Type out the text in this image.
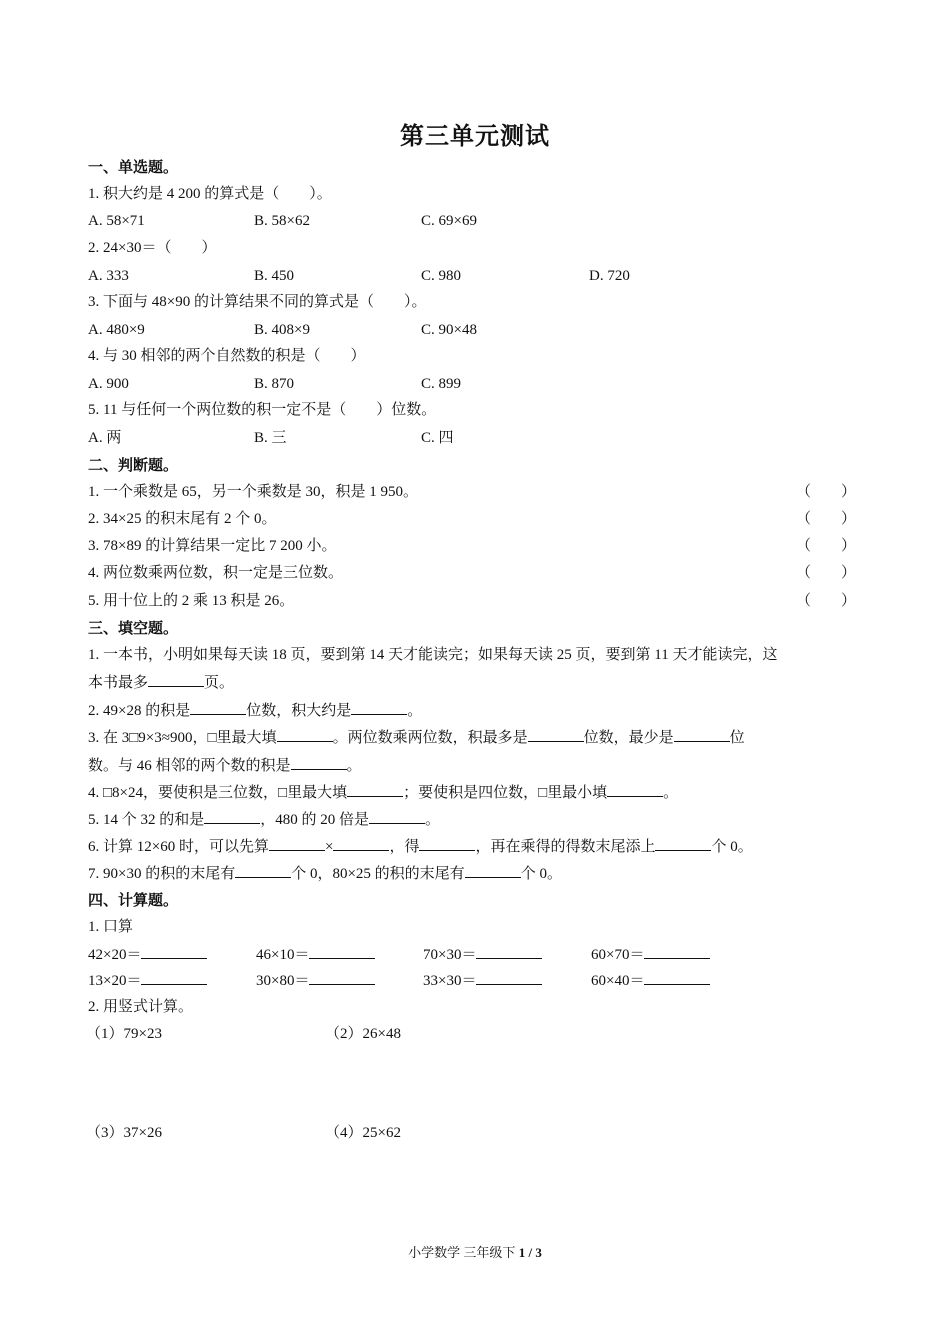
第三单元测试
一、单选题。
1. 积大约是 4 200 的算式是（　　）。
A. 58×71	B. 58×62	C. 69×69
2. 24×30＝（　　）
A. 333	B. 450	C. 980	D. 720
3. 下面与 48×90 的计算结果不同的算式是（　　）。
A. 480×9	B. 408×9	C. 90×48
4. 与 30 相邻的两个自然数的积是（　　）
A. 900	B. 870	C. 899
5. 11 与任何一个两位数的积一定不是（　　）位数。
A. 两	B. 三	C. 四
二、判断题。
1. 一个乘数是 65，另一个乘数是 30，积是 1 950。	（　　）
2. 34×25 的积末尾有 2 个 0。	（　　）
3. 78×89 的计算结果一定比 7 200 小。	（　　）
4. 两位数乘两位数，积一定是三位数。	（　　）
5. 用十位上的 2 乘 13 积是 26。	（　　）
三、填空题。
1. 一本书，小明如果每天读 18 页，要到第 14 天才能读完；如果每天读 25 页，要到第 11 天才能读完，这
本书最多	页。
2. 49×28 的积是	位数，积大约是	。
3. 在 3□9×3≈900，□里最大填	。两位数乘两位数，积最多是	位数，最少是	位
数。与 46 相邻的两个数的积是	。
4. □8×24，要使积是三位数，□里最大填	；要使积是四位数，□里最小填	。
5. 14 个 32 的和是	，480 的 20 倍是	。
6. 计算 12×60 时，可以先算	×	，得	，再在乘得的得数末尾添上	个 0。
7. 90×30 的积的末尾有	个 0，80×25 的积的末尾有	个 0。
四、计算题。
1. 口算
42×20＝	46×10＝	70×30＝	60×70＝
13×20＝	30×80＝	33×30＝	60×40＝
2. 用竖式计算。
（1）79×23	（2）26×48
（3）37×26	（4）25×62
小学数学 三年级下 1 / 3
